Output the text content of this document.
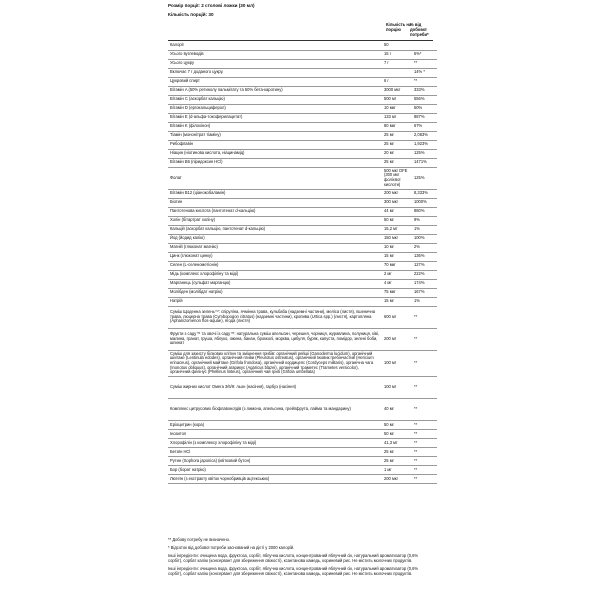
Розмір порції: 2 столові ложки (30 мл)
Кількість порцій: 30
Кількість на порцію
% від добової потреби*
Калорії	50	
Усього вуглеводів	15 г	5%*
Усього цукру	7 г	**
Включає 7 г доданого цукру.		14% *
Цукровий спирт	6 г	**
Вітамін A (50% ретинолу пальмітату та 50% бета-каротину)	3000 мкг	333%
Вітамін C (аскорбат кальцію)	500 мг	556%
Вітамін D (ергокальциферол)	10 мкг	50%
Вітамін E (d-альфа-токоферилацетат)	133 мг	887%
Вітамін K (філохінон)	80 мкг	67%
Тіамін (мононітрат тіаміну)	25 мг	2,083%
Рибофлавін	25 мг	1,923%
Ніацин (ніотинова кислота, ніацинамід)	20 мг	125%
Вітамін B6 (піридоксин HCl)	25 мг	1471%
Фолат	500 мкг DFE (300 мкг фолієвої кислоти)	125%
Вітамін B12 (ціанокобаламін)	200 мкг	8,333%
Біотин	300 мкг	1000%
Пантотенова кислота (пантотенат d-кальцію)	44 мг	880%
Холін (бітартрат холіну)	50 мг	9%
Кальцій (аскорбат кальцію, пантотенат d-кальцію)	15,2 мг	1%
Йод (йодид калію)	150 мкг	100%
Магній (глюконат магнію)	10 мг	2%
Цинк (глюконат цинку)	15 мг	136%
Селен (L-селенометіонін)	70 мкг	127%
Мідь (комплекс хлорофіліну та міді)	2 мг	222%
Марганець (сульфат марганцю)	4 мг	174%
Молібден (молібдат натрію)	75 мкг	167%
Натрій	15 мг	1%
Суміш Щоденна зелень™: спіруліна, ячмінна трава, кульбаба (надземні частини), меліса (листя), пшенична трава, люцерна трава (Cymbopogon citratus) (надземні частини), кропива (Urtica spp.) (листя), картопляна (Aphanizomenon flos-aquae), ягода (листя)	600 мг	**
Фрукти з саду™ та овочі із саду™: натуральна суміш апельсин, черешня, чорниця, журавлина, полуниця, ківі, малина, гранат, груша, яблуко, ожина, банан, брокколі, морква, цибуля, буряк, капуста, помідор, зелені боби, шпинат	200 мг	**
Суміш для захисту білкових клітин та зміцнення грибів: органічний рейші (Ganoderma lucidum), органічний шиітаке (Lentinula edodes), органічний гливи (Pleurotus ostreatus), органічний їжовик гребінчастий (Hericium erinaceus), органічний майтаке (Grifola frondosa), органічний кордицепс (Cordyceps militaris), органічна чага (Inonotus obliquus), органічний агарикус (Agaricus blazei), органічний траметес (Trametes versicolor), органічний фелінус (Phellinus linteus), органічний чай гриб (Grifola umbellata)	100 мг	**
Суміш жирних кислот Омега 3/6/9: льон (насіння), гарбуз (насіння)	100 мг	**
Комплекс цитрусових біофлавоноїдів (з лимона, апельсина, грейпфрута, лайма та мандарину)	40 мг	**
Еріоцитрин (кора)	50 мг	**
Інозитол	50 мг	**
Хлорофілін (з комплексу хлорофіліну та міді)	41,3 мг	**
Бетаїн HCl	25 мг	**
Рутин (Sophora japonica) (квітковий бутон)	25 мг	**
Бор (борат натрію)	1 мг	**
Лютеїн (з екстракту квіток чорнобривців ацтекських)	200 мкг	**

** Добову потребу не визначено.

* Відсоток від добової потреби заснований на дієті у 2000 калорій.

Інші інгредієнти: очищена вода, фруктоза, сорбіт, яблучна кислота, концентрований яблучний сік, натуральний ароматизатор (0,6% сорбіт), сорбат калію (консервант для збереження свіжості), ксантанова камедь, кориневий рис. Не містить молочних продуктів.

Інші інгредієнти: очищена вода, фруктоза, сорбіт, яблучна кислота, концентрований яблучний сік, натуральний ароматизатор (0,6% сорбіт), сорбат калію (консервант для збереження свіжості), ксантанова камедь, кориневий рис. Не містить молочних продуктів.
